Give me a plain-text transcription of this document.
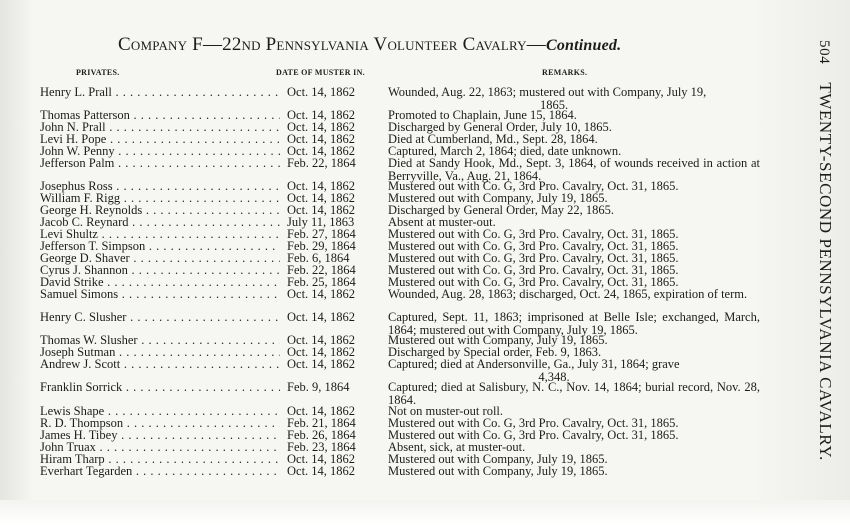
Company F—22nd Pennsylvania Volunteer Cavalry—Continued.
PRIVATES.	DATE OF MUSTER IN.	REMARKS.
504TWENTY-SECOND PENNSYLVANIA CAVALRY.
Henry L. Prall . . .	Oct. 14, 1862	Wounded, Aug. 22, 1863; mustered out with Company, July 19,
1865.
Thomas Patterson . . .	Oct. 14, 1862	Promoted to Chaplain, June 15, 1864.
John N. Prall . . .	Oct. 14, 1862	Discharged by General Order, July 10, 1865.
Levi H. Pope . . .	Oct. 14, 1862	Died at Cumberland, Md., Sept. 28, 1864.
John W. Penny . . .	Oct. 14, 1862	Captured, March 2, 1864; died, date unknown.
Jefferson Palm . . .	Feb. 22, 1864	Died at Sandy Hook, Md., Sept. 3, 1864, of wounds received in action at Berryville, Va., Aug. 21, 1864.
Josephus Ross . . .	Oct. 14, 1862	Mustered out with Co. G, 3rd Pro. Cavalry, Oct. 31, 1865.
William F. Rigg . . .	Oct. 14, 1862	Mustered out with Company, July 19, 1865.
George H. Reynolds . . .	Oct. 14, 1862	Discharged by General Order, May 22, 1865.
Jacob C. Reynard . . .	July 11, 1863	Absent at muster-out.
Levi Shultz . . .	Feb. 27, 1864	Mustered out with Co. G, 3rd Pro. Cavalry, Oct. 31, 1865.
Jefferson T. Simpson . . .	Feb. 29, 1864	Mustered out with Co. G, 3rd Pro. Cavalry, Oct. 31, 1865.
George D. Shaver . . .	Feb. 6, 1864	Mustered out with Co. G, 3rd Pro. Cavalry, Oct. 31, 1865.
Cyrus J. Shannon . . .	Feb. 22, 1864	Mustered out with Co. G, 3rd Pro. Cavalry, Oct. 31, 1865.
David Strike . . .	Feb. 25, 1864	Mustered out with Co. G, 3rd Pro. Cavalry, Oct. 31, 1865.
Samuel Simons . . .	Oct. 14, 1862	Wounded, Aug. 28, 1863; discharged, Oct. 24, 1865, expiration of term.
Henry C. Slusher . . .	Oct. 14, 1862	Captured, Sept. 11, 1863; imprisoned at Belle Isle; exchanged, March, 1864; mustered out with Company, July 19, 1865.
Thomas W. Slusher . . .	Oct. 14, 1862	Mustered out with Company, July 19, 1865.
Joseph Sutman . . .	Oct. 14, 1862	Discharged by Special order, Feb. 9, 1863.
Andrew J. Scott . . .	Oct. 14, 1862	Captured; died at Andersonville, Ga., July 31, 1864; grave
4,348.
Franklin Sorrick . . .	Feb. 9, 1864	Captured; died at Salisbury, N. C., Nov. 14, 1864; burial record, Nov. 28, 1864.
Lewis Shape . . .	Oct. 14, 1862	Not on muster-out roll.
R. D. Thompson . . .	Feb. 21, 1864	Mustered out with Co. G, 3rd Pro. Cavalry, Oct. 31, 1865.
James H. Tibey . . .	Feb. 26, 1864	Mustered out with Co. G, 3rd Pro. Cavalry, Oct. 31, 1865.
John Truax . . .	Feb. 23, 1864	Absent, sick, at muster-out.
Hiram Tharp . . .	Oct. 14, 1862	Mustered out with Company, July 19, 1865.
Everhart Tegarden . . .	Oct. 14, 1862	Mustered out with Company, July 19, 1865.
